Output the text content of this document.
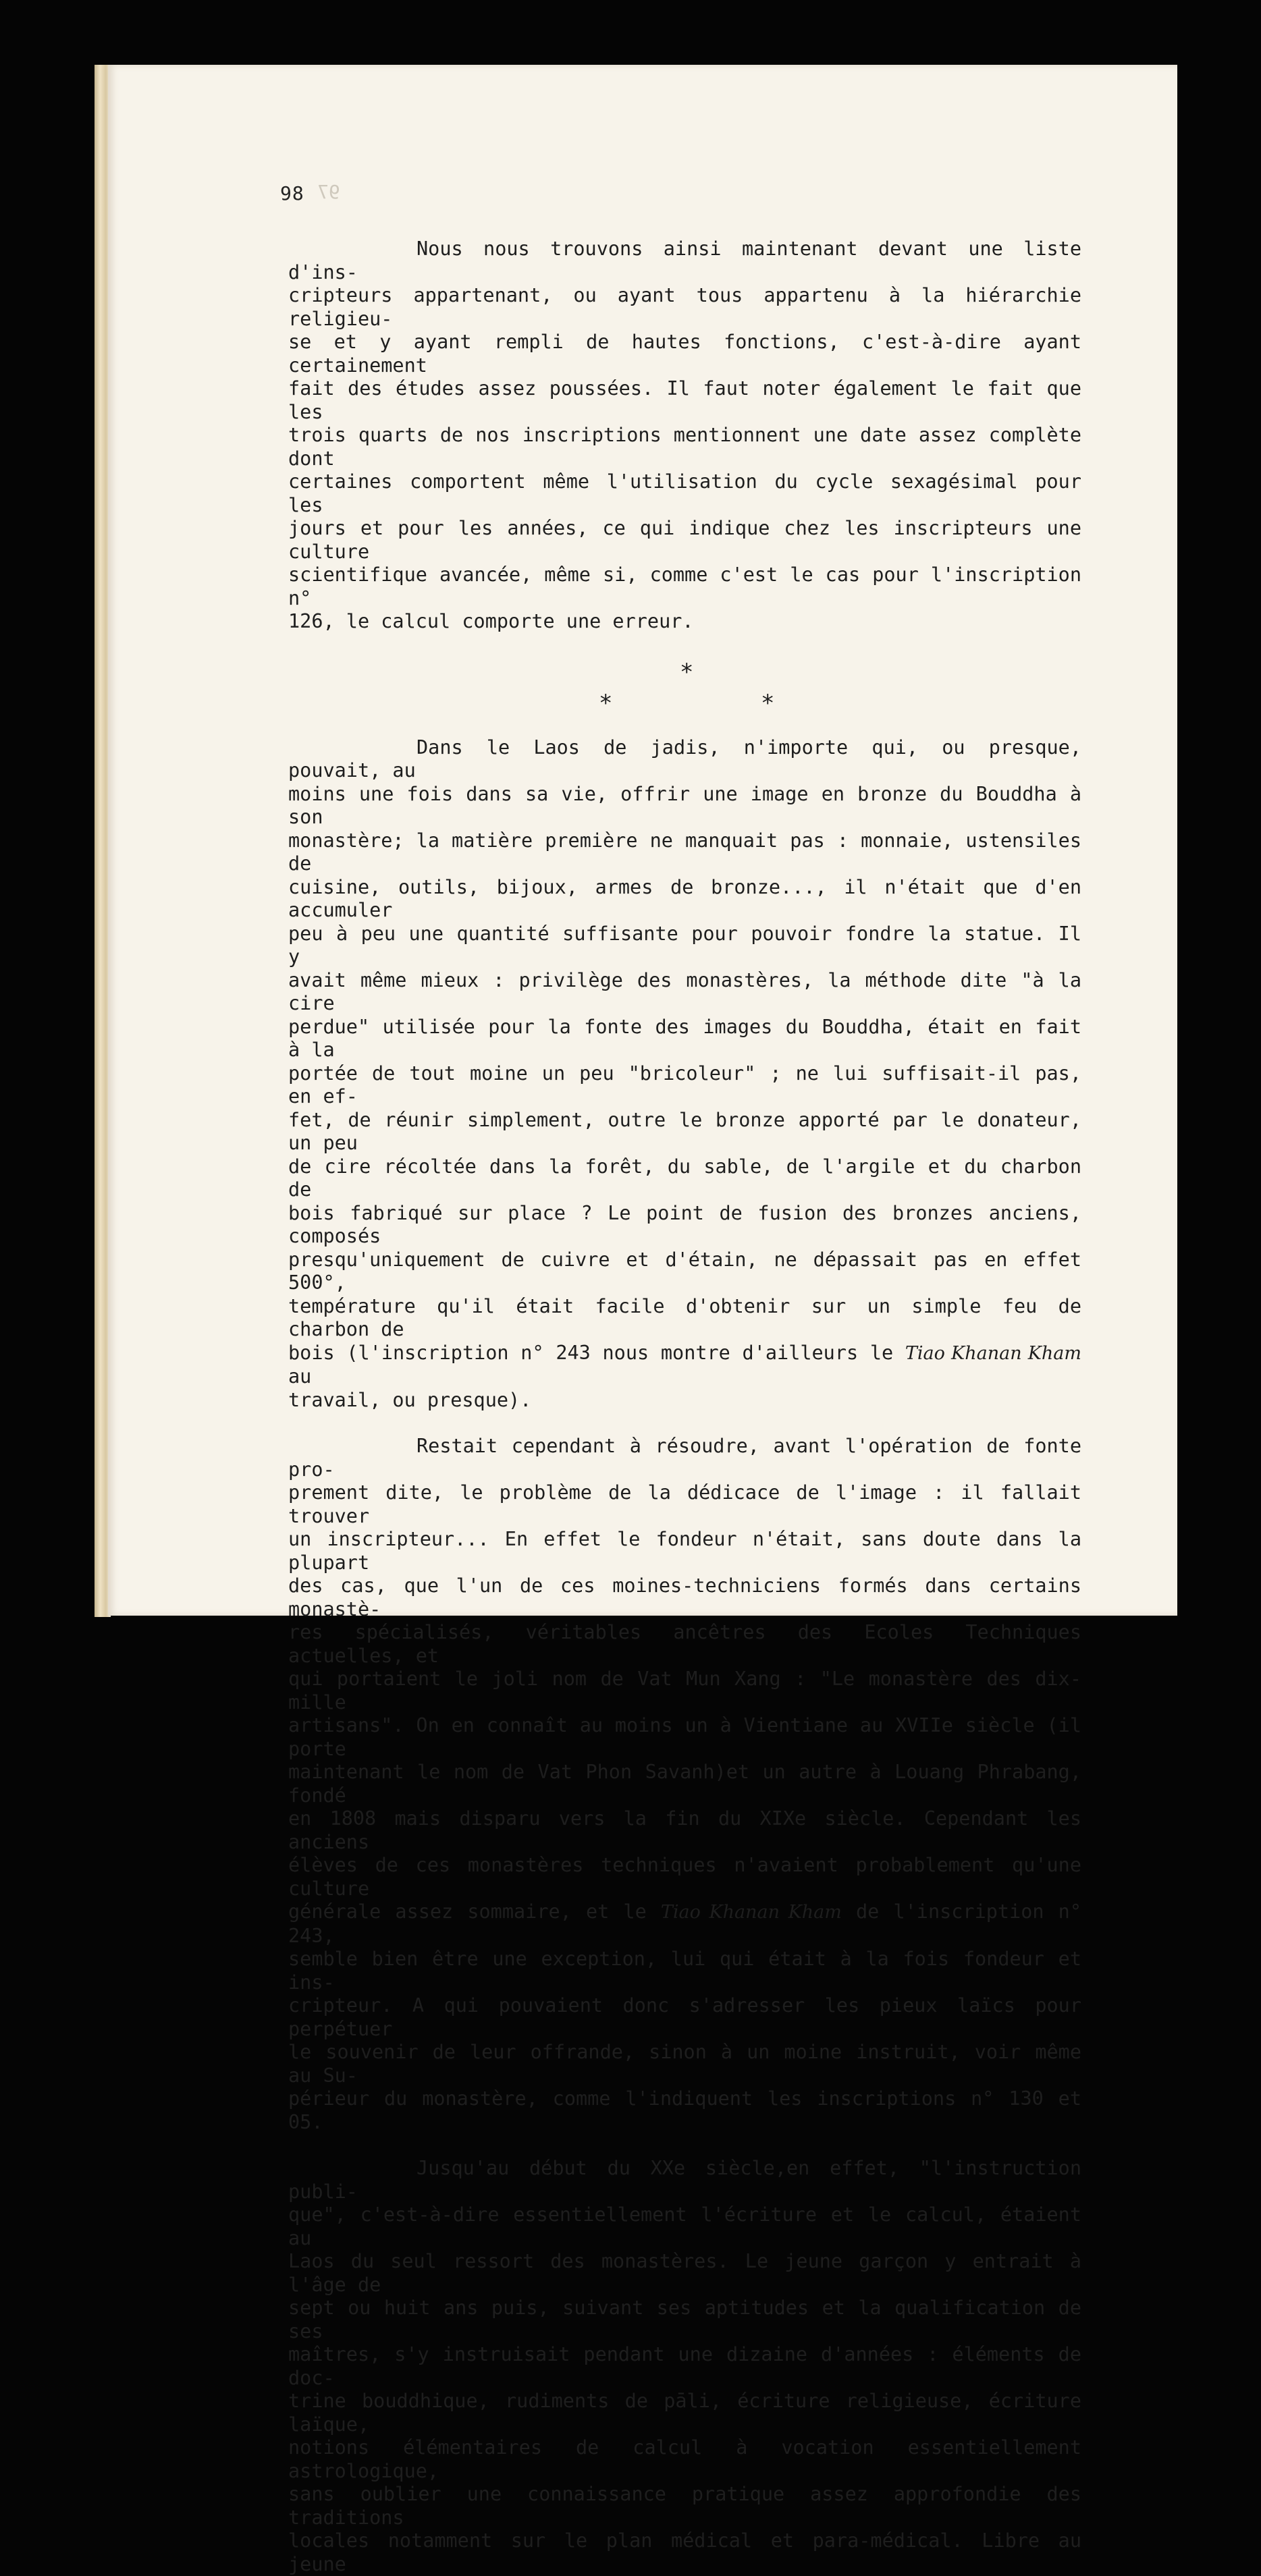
97
98

Nous nous trouvons ainsi maintenant devant une liste d'ins-
cripteurs appartenant, ou ayant tous appartenu à la hiérarchie religieu-
se et y ayant rempli de hautes fonctions, c'est-à-dire ayant certainement
fait des études assez poussées. Il faut noter également le fait que les
trois quarts de nos inscriptions mentionnent une date assez complète dont
certaines comportent même l'utilisation du cycle sexagésimal pour les
jours et pour les années, ce qui indique chez les inscripteurs une culture
scientifique avancée, même si, comme c'est le cas pour l'inscription n°
126, le calcul comporte une erreur.

*
*	*

Dans le Laos de jadis, n'importe qui, ou presque, pouvait, au
moins une fois dans sa vie, offrir une image en bronze du Bouddha à son
monastère; la matière première ne manquait pas : monnaie, ustensiles de
cuisine, outils, bijoux, armes de bronze..., il n'était que d'en accumuler
peu à peu une quantité suffisante pour pouvoir fondre la statue. Il y
avait même mieux : privilège des monastères, la méthode dite "à la cire
perdue" utilisée pour la fonte des images du Bouddha, était en fait à la
portée de tout moine un peu "bricoleur" ; ne lui suffisait-il pas, en ef-
fet, de réunir simplement, outre le bronze apporté par le donateur, un peu
de cire récoltée dans la forêt, du sable, de l'argile et du charbon de
bois fabriqué sur place ? Le point de fusion des bronzes anciens, composés
presqu'uniquement de cuivre et d'étain, ne dépassait pas en effet 500°,
température qu'il était facile d'obtenir sur un simple feu de charbon de
bois (l'inscription n° 243 nous montre d'ailleurs le Tiao Khanan Kham au
travail, ou presque).

Restait cependant à résoudre, avant l'opération de fonte pro-
prement dite, le problème de la dédicace de l'image : il fallait trouver
un inscripteur... En effet le fondeur n'était, sans doute dans la plupart
des cas, que l'un de ces moines-techniciens formés dans certains monastè-
res spécialisés, véritables ancêtres des Ecoles Techniques actuelles, et
qui portaient le joli nom de Vat Mun Xang : "Le monastère des dix-mille
artisans". On en connaît au moins un à Vientiane au XVIIe siècle (il porte
maintenant le nom de Vat Phon Savanh)et un autre à Louang Phrabang, fondé
en 1808 mais disparu vers la fin du XIXe siècle. Cependant les anciens
élèves de ces monastères techniques n'avaient probablement qu'une culture
générale assez sommaire, et le Tiao Khanan Kham de l'inscription n° 243,
semble bien être une exception, lui qui était à la fois fondeur et ins-
cripteur. A qui pouvaient donc s'adresser les pieux laïcs pour perpétuer
le souvenir de leur offrande, sinon à un moine instruit, voir même au Su-
périeur du monastère, comme l'indiquent les inscriptions n° 130 et 05.

Jusqu'au début du XXe siècle,en effet, "l'instruction publi-
que", c'est-à-dire essentiellement l'écriture et le calcul, étaient au
Laos du seul ressort des monastères. Le jeune garçon y entrait à l'âge de
sept ou huit ans puis, suivant ses aptitudes et la qualification de ses
maîtres, s'y instruisait pendant une dizaine d'années : éléments de doc-
trine bouddhique, rudiments de pāli, écriture religieuse, écriture laïque,
notions élémentaires de calcul à vocation essentiellement astrologique,
sans oublier une connaissance pratique assez approfondie des traditions
locales notamment sur le plan médical et para-médical. Libre au jeune
